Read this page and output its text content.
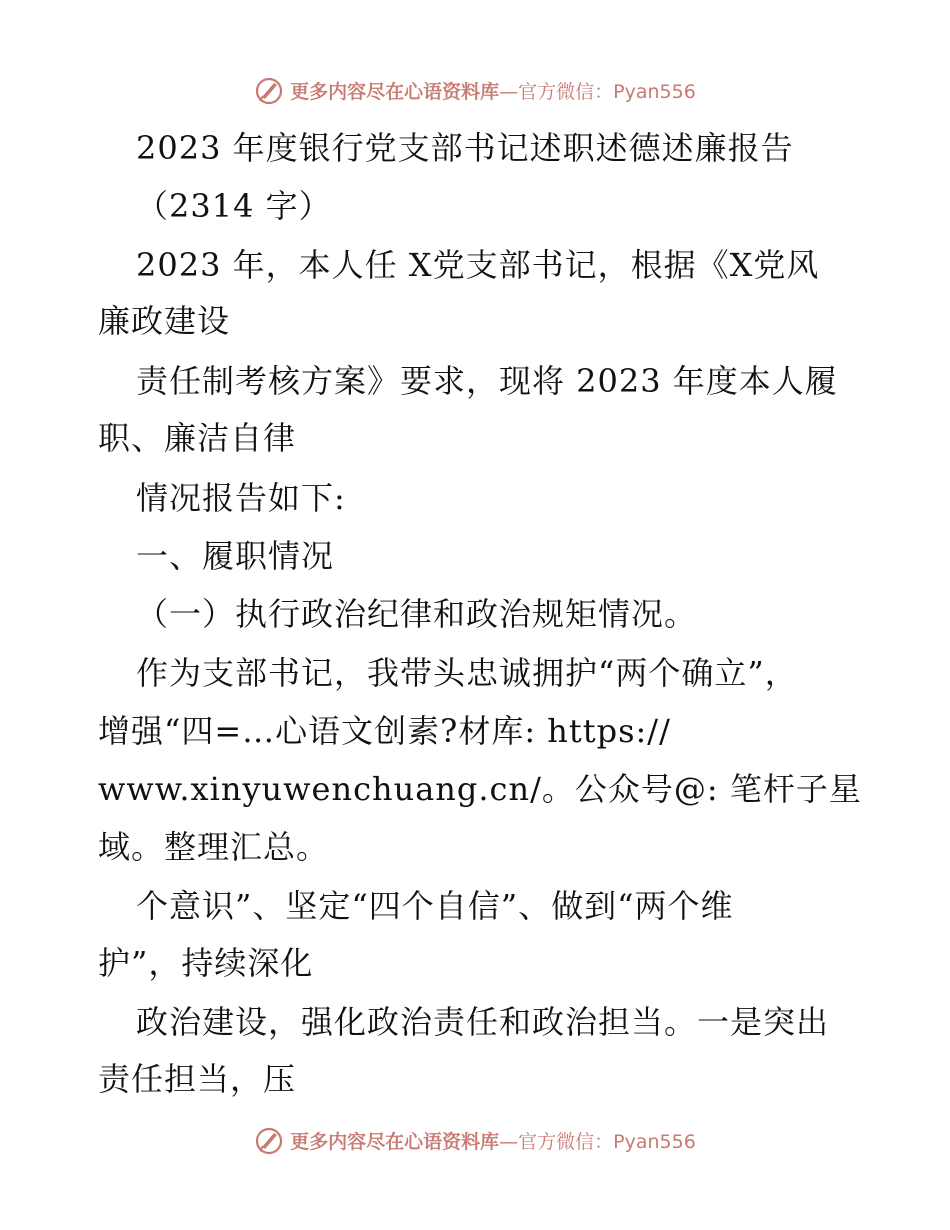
更多内容尽在心语资料库—官方微信：Pyan556
2023 年度银行党支部书记述职述德述廉报告
（2314 字）
2023 年，本人任 X党支部书记，根据《X党风
廉政建设
责任制考核方案》要求，现将 2023 年度本人履
职、廉洁自律
情况报告如下:
一、履职情况
（一）执行政治纪律和政治规矩情况。
作为支部书记，我带头忠诚拥护“两个确立”，
增强“四=…心语文创素?材库: https://
www.xinyuwenchuang.cn/。公众号@: 笔杆子星
域。整理汇总。
个意识”、坚定“四个自信”、做到“两个维
护”，持续深化
政治建设，强化政治责任和政治担当。一是突出
责任担当，压
更多内容尽在心语资料库—官方微信：Pyan556
